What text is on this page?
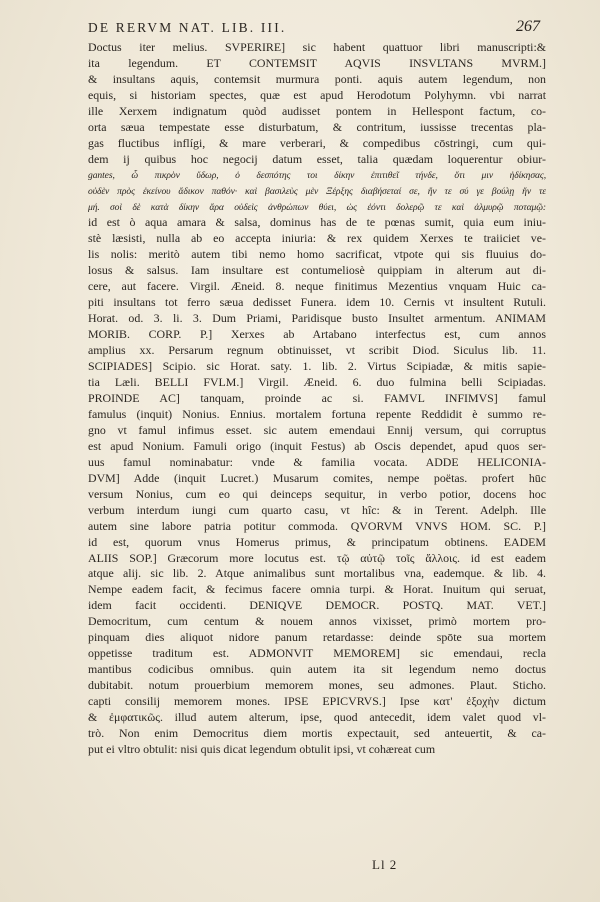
DE RERVM NAT. LIB. III.	267
Doctus iter melius. SVPERIRE] sic habent quattuor libri manuscripti:&
ita legendum. ET CONTEMSIT AQVIS INSVLTANS MVRM.]
& insultans aquis, contemsit murmura ponti. aquis autem legendum, non
equis, si historiam spectes, quæ est apud Herodotum Polyhymn. vbi narrat
ille Xerxem indignatum quòd audisset pontem in Hellespont factum, co-
orta sæua tempestate esse disturbatum, & contritum, iussisse trecentas pla-
gas fluctibus inflígi, & mare verberari, & compedibus cōstringi, cum qui-
dem ij quibus hoc negocij datum esset, talia quædam loquerentur obiur-
gantes, ὦ πικρὸν ὕδωρ, ὁ δεσπότης τοι δίκην ἐπιτιθεῖ τήνδε, ὅτι μιν ἠδίκησας,
οὐδὲν πρὸς ἐκείνου ἄδικον παθόν· καὶ βασιλεὺς μὲν Ξέρξης διαβήσεταί σε, ἤν τε σύ γε βούλῃ ἤν τε
μή. σοὶ δὲ κατὰ δίκην ἄρα οὐδεὶς ἀνθρώπων θύει, ὡς ἐόντι δολερῷ τε καὶ ἁλμυρῷ ποταμῷ:
id est ò aqua amara & salsa, dominus has de te pœnas sumit, quia eum iniu-
stè læsisti, nulla ab eo accepta iniuria: & rex quidem Xerxes te traiiciet ve-
lis nolis: meritò autem tibi nemo homo sacrificat, vtpote qui sis fluuius do-
losus & salsus. Iam insultare est contumeliosè quippiam in alterum aut di-
cere, aut facere. Virgil. Æneid. 8. neque finitimus Mezentius vnquam Huic ca-
piti insultans tot ferro sæua dedisset Funera. idem 10. Cernis vt insultent Rutuli.
Horat. od. 3. li. 3. Dum Priami, Paridisque busto Insultet armentum. ANIMAM
MORIB. CORP. P.] Xerxes ab Artabano interfectus est, cum annos
amplius xx. Persarum regnum obtinuisset, vt scribit Diod. Siculus lib. 11.
SCIPIADES] Scipio. sic Horat. saty. 1. lib. 2. Virtus Scipiadæ, & mitis sapie-
tia Læli. BELLI FVLM.] Virgil. Æneid. 6. duo fulmina belli Scipiadas.
PROINDE AC] tanquam, proinde ac si. FAMVL INFIMVS] famul
famulus (inquit) Nonius. Ennius. mortalem fortuna repente Reddidit è summo re-
gno vt famul infimus esset. sic autem emendaui Ennij versum, qui corruptus
est apud Nonium. Famuli origo (inquit Festus) ab Oscis dependet, apud quos ser-
uus famul nominabatur: vnde & familia vocata. ADDE HELICONIA-
DVM] Adde (inquit Lucret.) Musarum comites, nempe poëtas. profert hūc
versum Nonius, cum eo qui deinceps sequitur, in verbo potior, docens hoc
verbum interdum iungi cum quarto casu, vt hîc: & in Terent. Adelph. Ille
autem sine labore patria potitur commoda. QVORVM VNVS HOM. SC. P.]
id est, quorum vnus Homerus primus, & principatum obtinens. EADEM
ALIIS SOP.] Græcorum more locutus est. τῷ αὐτῷ τοῖς ἄλλοις. id est eadem
atque alij. sic lib. 2. Atque animalibus sunt mortalibus vna, eademque. & lib. 4.
Nempe eadem facit, & fecimus facere omnia turpi. & Horat. Inuitum qui seruat,
idem facit occidenti. DENIQVE DEMOCR. POSTQ. MAT. VET.]
Democritum, cum centum & nouem annos vixisset, primò mortem pro-
pinquam dies aliquot nidore panum retardasse: deinde spōte sua mortem
oppetisse traditum est. ADMONVIT MEMOREM] sic emendaui, recla
mantibus codicibus omnibus. quin autem ita sit legendum nemo doctus
dubitabit. notum prouerbium memorem mones, seu admones. Plaut. Sticho.
capti consilij memorem mones. IPSE EPICVRVS.] Ipse κατ' ἐξοχὴν dictum
& ἐμφατικῶς. illud autem alterum, ipse, quod antecedit, idem valet quod vl-
trò. Non enim Democritus diem mortis expectauit, sed anteuertit, & ca-
put ei vltro obtulit: nisi quis dicat legendum obtulit ipsi, vt cohæreat cum
Ll 2
